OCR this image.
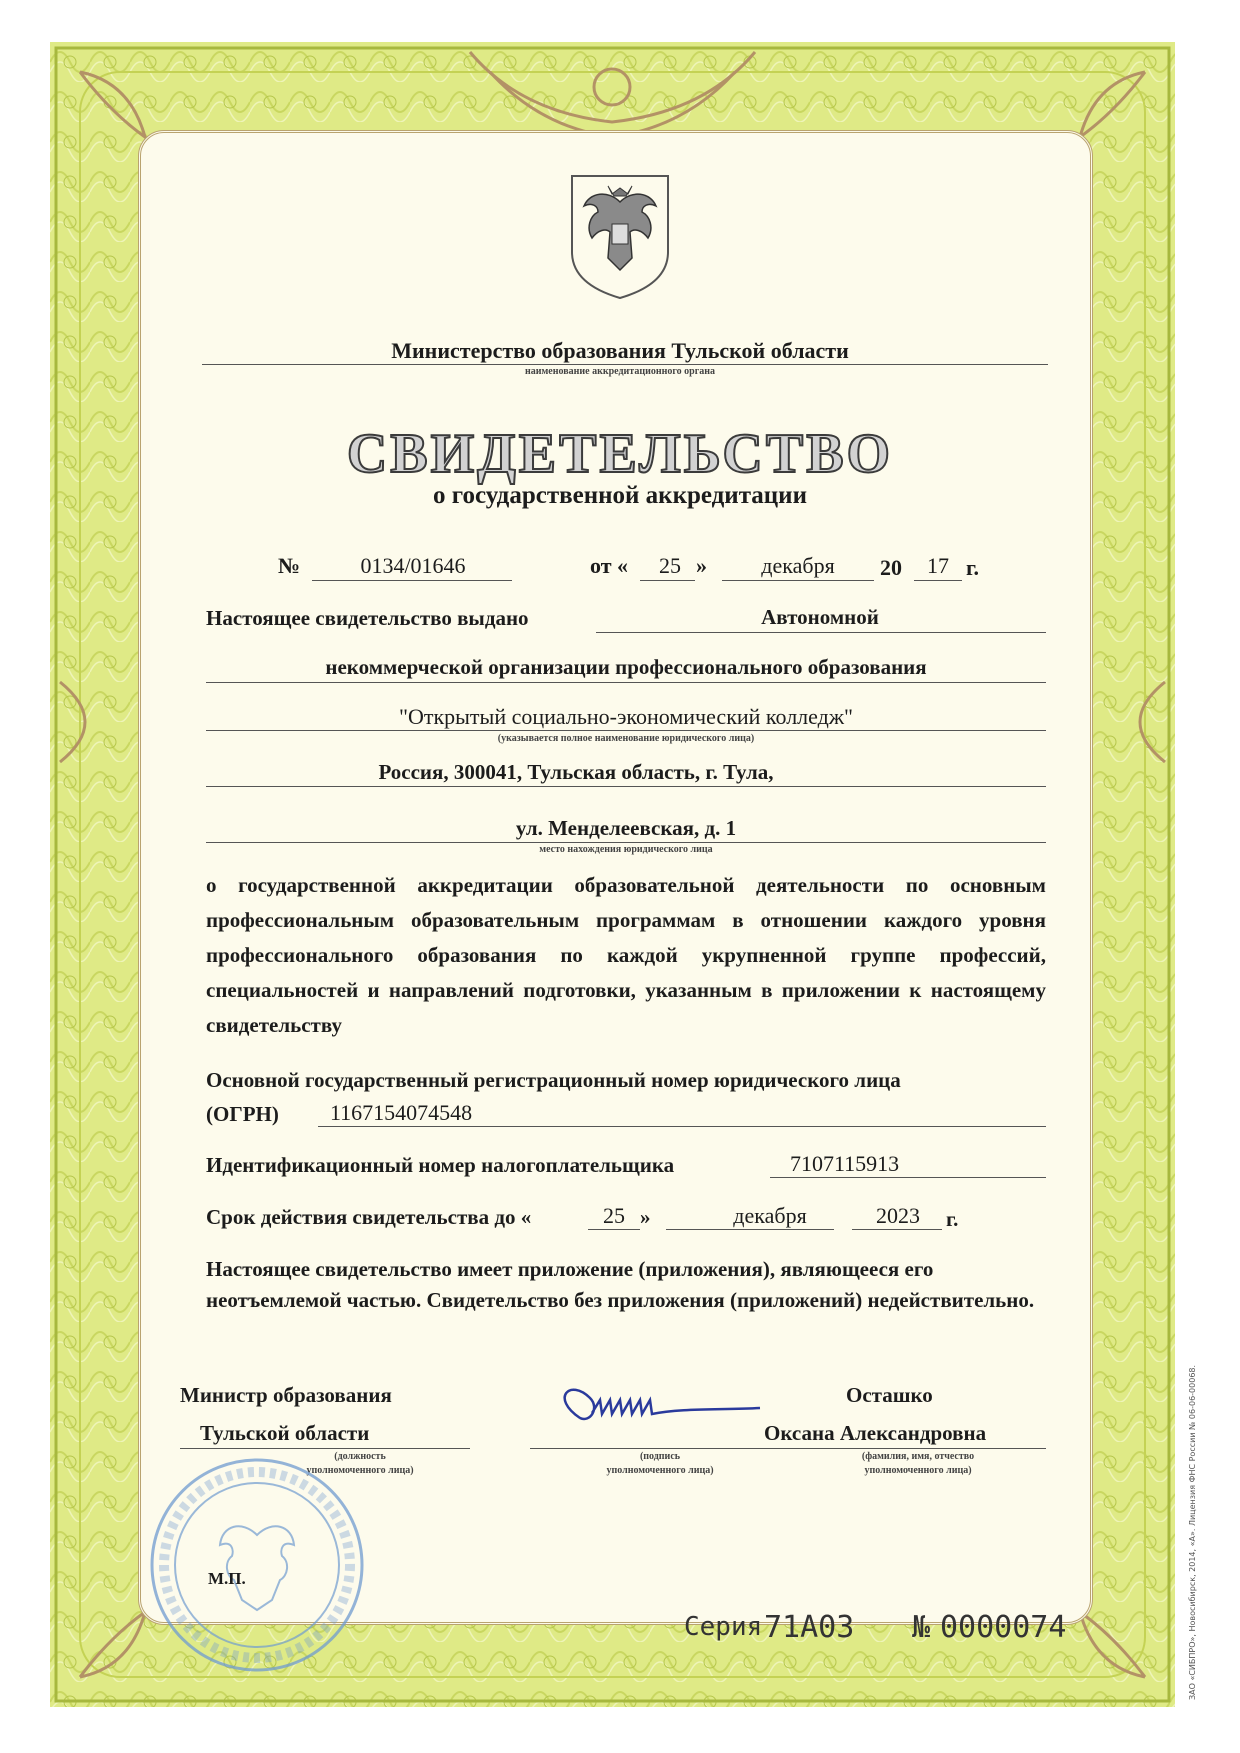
Министерство образования Тульской области
наименование аккредитационного органа
СВИДЕТЕЛЬСТВО
о государственной аккредитации
№	0134/01646	от «	25 »	декабря	20	17 г.
Настоящее свидетельство выдано	Автономной
некоммерческой организации профессионального образования
"Открытый социально-экономический колледж"
(указывается полное наименование юридического лица)
Россия, 300041, Тульская область, г. Тула,
ул. Менделеевская, д. 1
место нахождения юридического лица
о государственной аккредитации образовательной деятельности по основным профессиональным образовательным программам в отношении каждого уровня профессионального образования по каждой укрупненной группе профессий, специальностей и направлений подготовки, указанным в приложении к настоящему свидетельству
Основной государственный регистрационный номер юридического лица
(ОГРН) 1167154074548
Идентификационный номер налогоплательщика	7107115913
Срок действия свидетельства до «	25 »	декабря	2023	г.
Настоящее свидетельство имеет приложение (приложения), являющееся его неотъемлемой частью. Свидетельство без приложения (приложений) недействительно.
Министр образования
Тульской области
(должность
уполномоченного лица)
(подпись
уполномоченного лица)
Осташко
Оксана Александровна
(фамилия, имя, отчество
уполномоченного лица)
М.П.
Серия 71А03 № 0000074	ЗАО «СИБПРО», Новосибирск, 2014, «А». Лицензия ФНС России № 06-06-00068.
